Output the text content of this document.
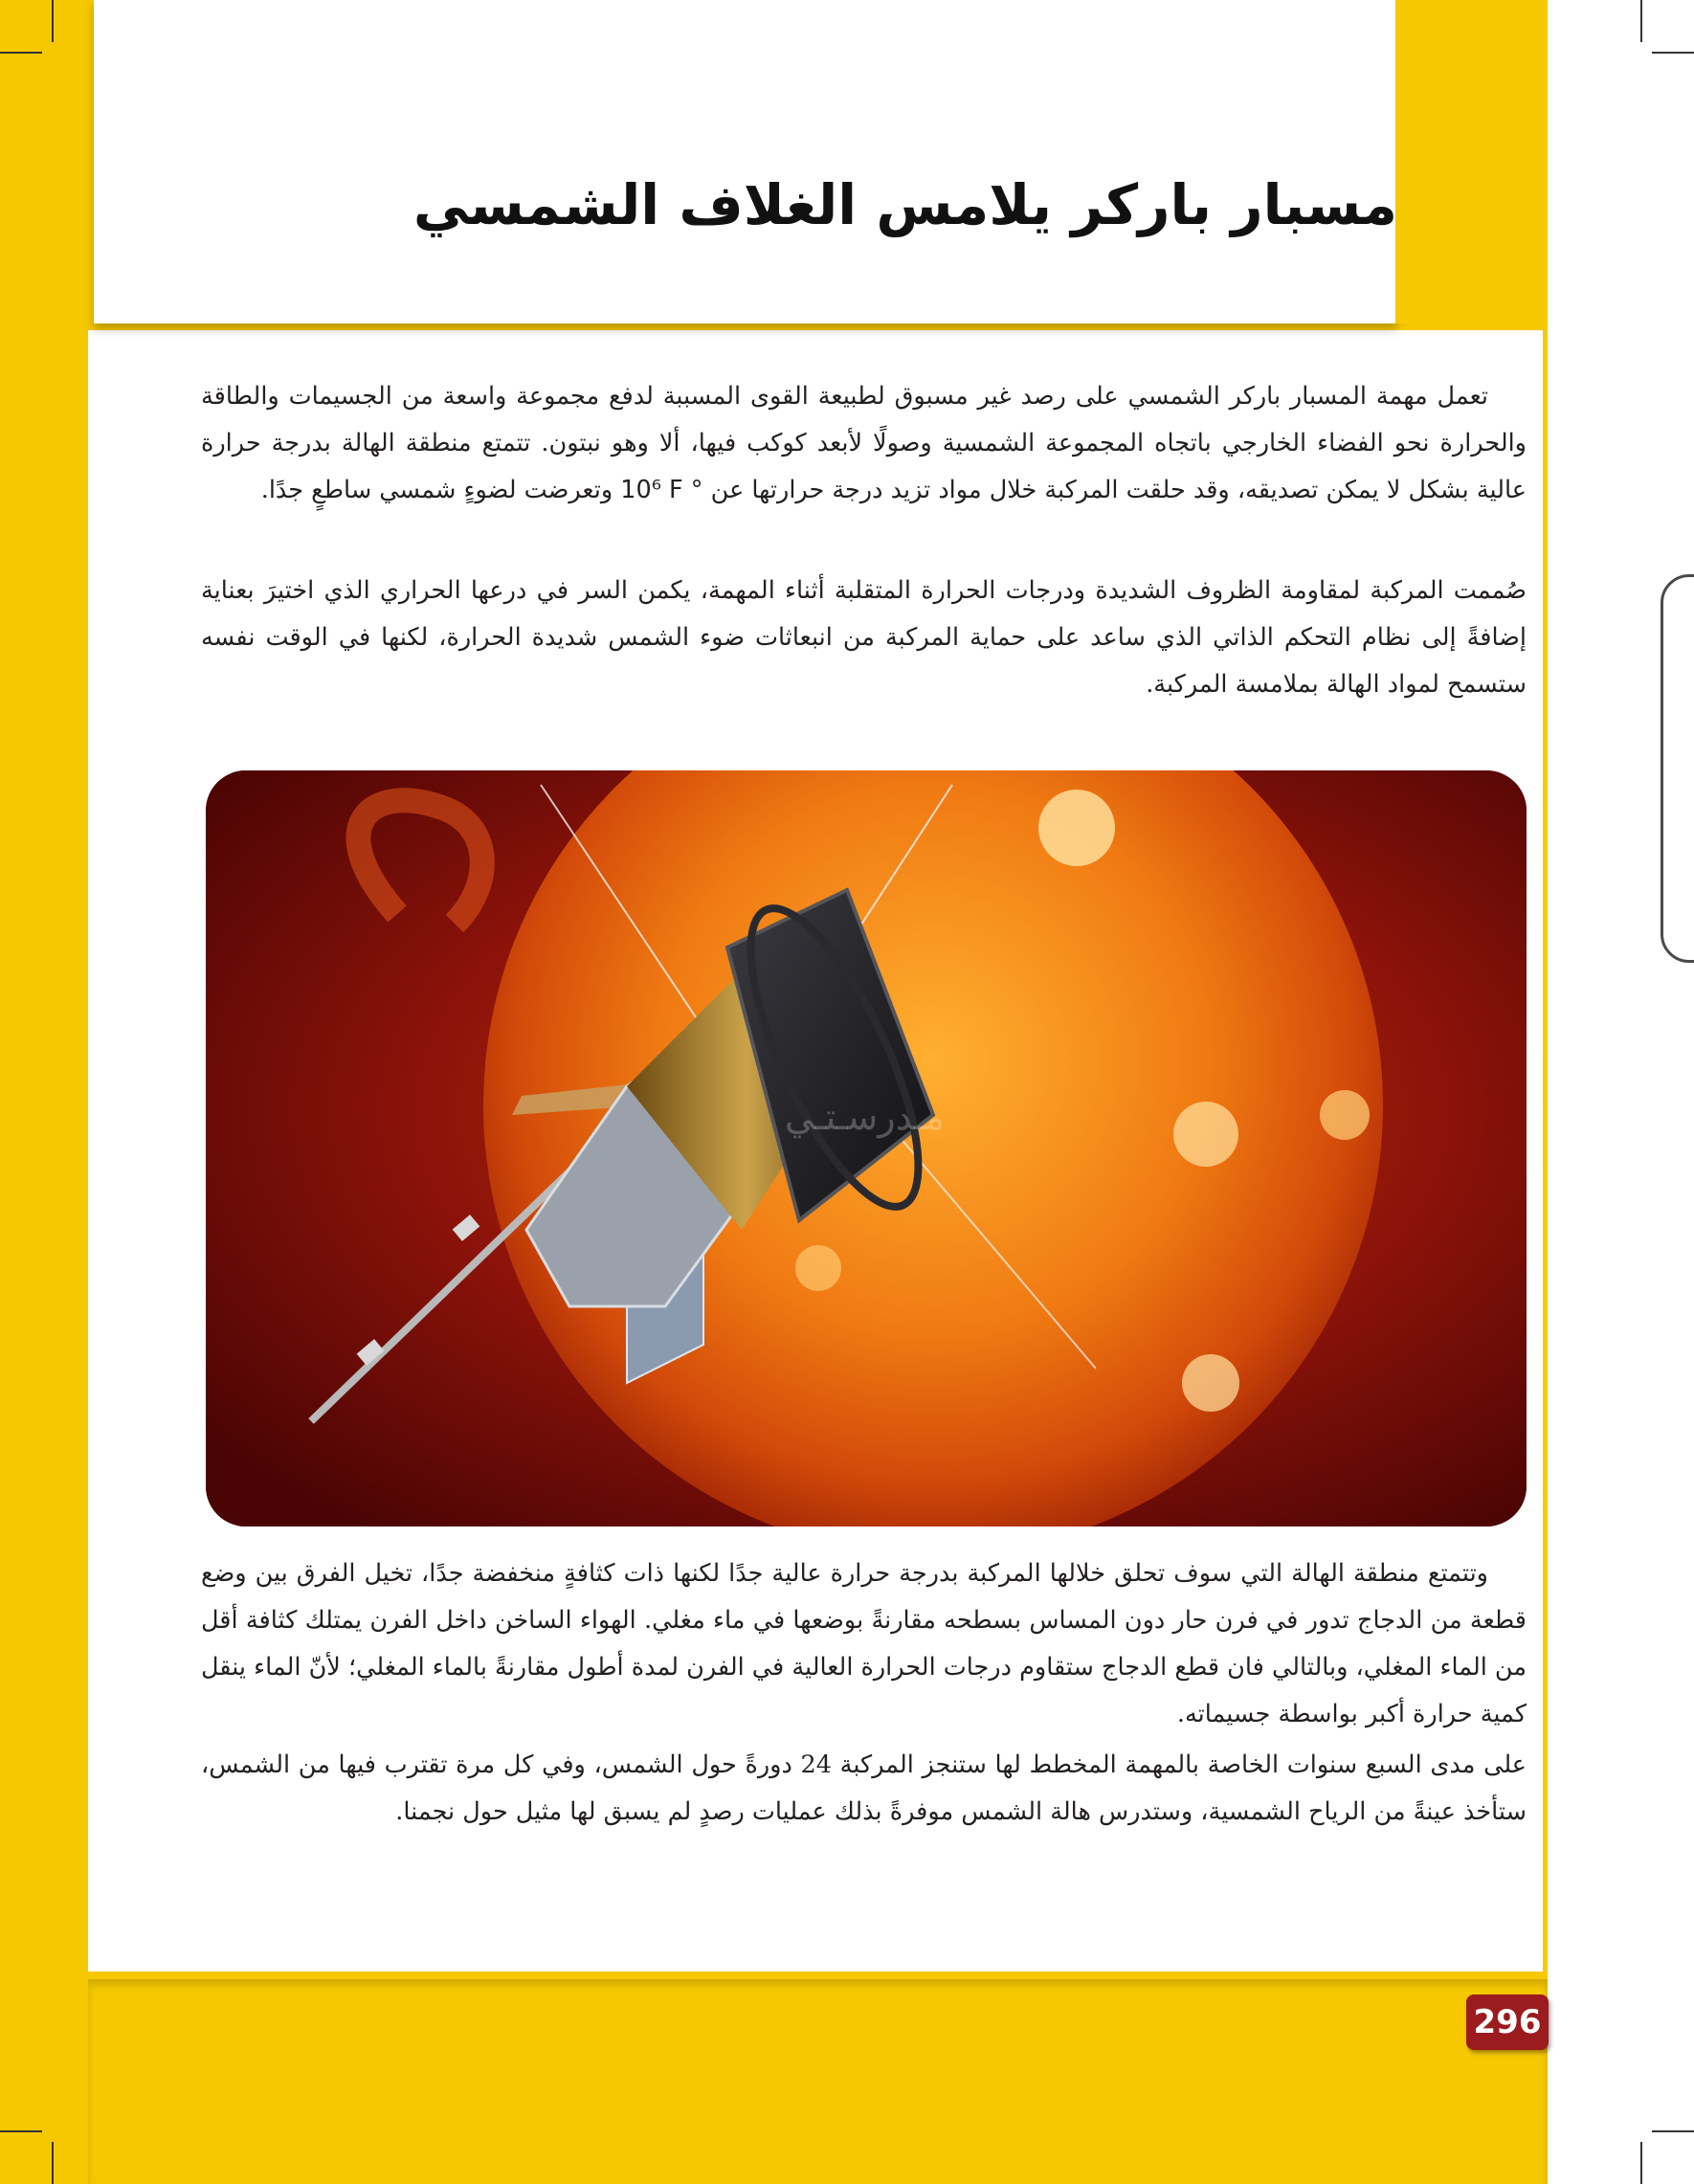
مسبار باركر يلامس الغلاف الشمسي

تعمل مهمة المسبار باركر الشمسي على رصد غير مسبوق لطبيعة القوى المسببة لدفع مجموعة واسعة من الجسيمات والطاقة والحرارة نحو الفضاء الخارجي باتجاه المجموعة الشمسية وصولًا لأبعد كوكب فيها، ألا وهو نبتون. تتمتع منطقة الهالة بدرجة حرارة عالية بشكل لا يمكن تصديقه، وقد حلقت المركبة خلال مواد تزيد درجة حرارتها عن 10⁶ F ° وتعرضت لضوءٍ شمسي ساطعٍ جدًا.

صُممت المركبة لمقاومة الظروف الشديدة ودرجات الحرارة المتقلبة أثناء المهمة، يكمن السر في درعها الحراري الذي اختيرَ بعناية إضافةً إلى نظام التحكم الذاتي الذي ساعد على حماية المركبة من انبعاثات ضوء الشمس شديدة الحرارة، لكنها في الوقت نفسه ستسمح لمواد الهالة بملامسة المركبة.

مـدرسـتـي

وتتمتع منطقة الهالة التي سوف تحلق خلالها المركبة بدرجة حرارة عالية جدًا لكنها ذات كثافةٍ منخفضة جدًا، تخيل الفرق بين وضع قطعة من الدجاج تدور في فرن حار دون المساس بسطحه مقارنةً بوضعها في ماء مغلي. الهواء الساخن داخل الفرن يمتلك كثافة أقل من الماء المغلي، وبالتالي فان قطع الدجاج ستقاوم درجات الحرارة العالية في الفرن لمدة أطول مقارنةً بالماء المغلي؛ لأنّ الماء ينقل كمية حرارة أكبر بواسطة جسيماته.

على مدى السبع سنوات الخاصة بالمهمة المخطط لها ستنجز المركبة 24 دورةً حول الشمس، وفي كل مرة تقترب فيها من الشمس، ستأخذ عينةً من الرياح الشمسية، وستدرس هالة الشمس موفرةً بذلك عمليات رصدٍ لم يسبق لها مثيل حول نجمنا.

296
